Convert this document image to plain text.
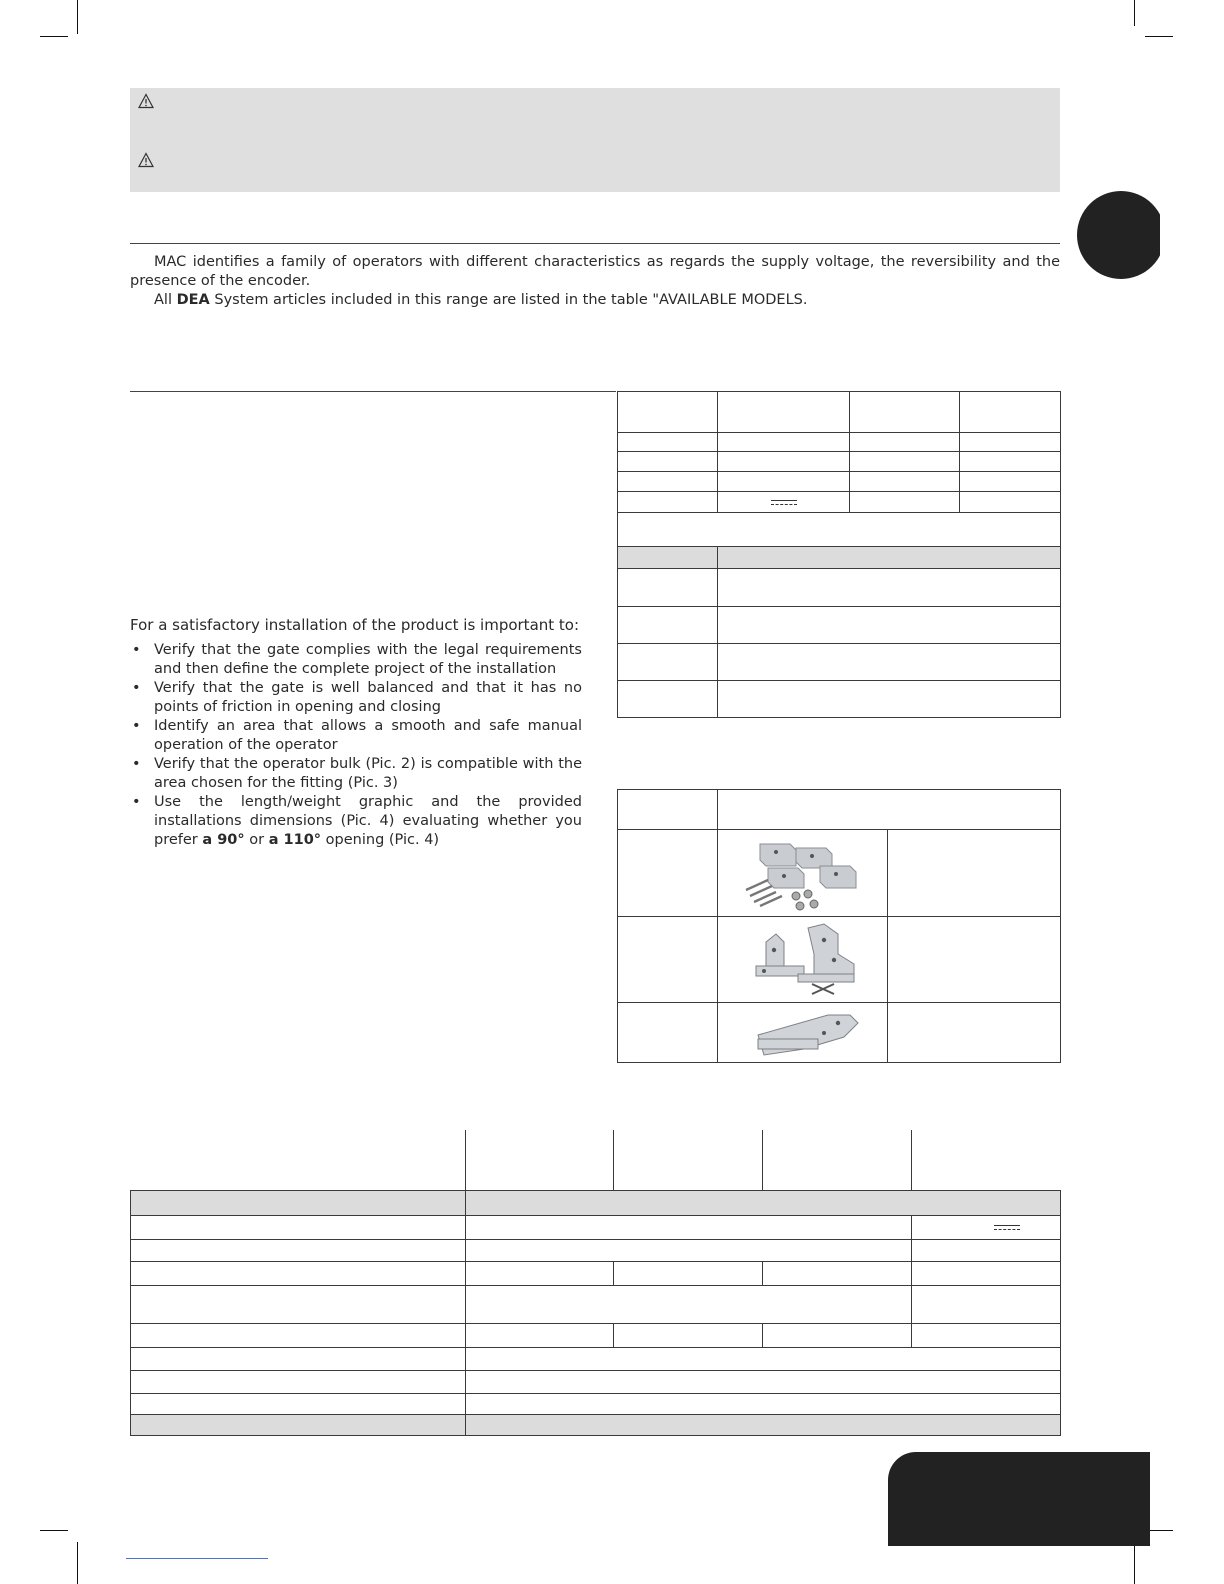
MAC identifies a family of operators with different characteristics as regards the supply voltage, the reversibility and the presence of the encoder.
All DEA System articles included in this range are listed in the table "AVAILABLE MODELS.
For a satisfactory installation of the product is important to:
• Verify that the gate complies with the legal requirements and then define the complete project of the installation
• Verify that the gate is well balanced and that it has no points of friction in opening and closing
• Identify an area that allows a smooth and safe manual operation of the operator
• Verify that the operator bulk (Pic. 2) is compatible with the area chosen for the fitting (Pic. 3)
• Use the length/weight graphic and the provided installations dimensions (Pic. 4) evaluating whether you prefer a 90° or a 110° opening (Pic. 4)
